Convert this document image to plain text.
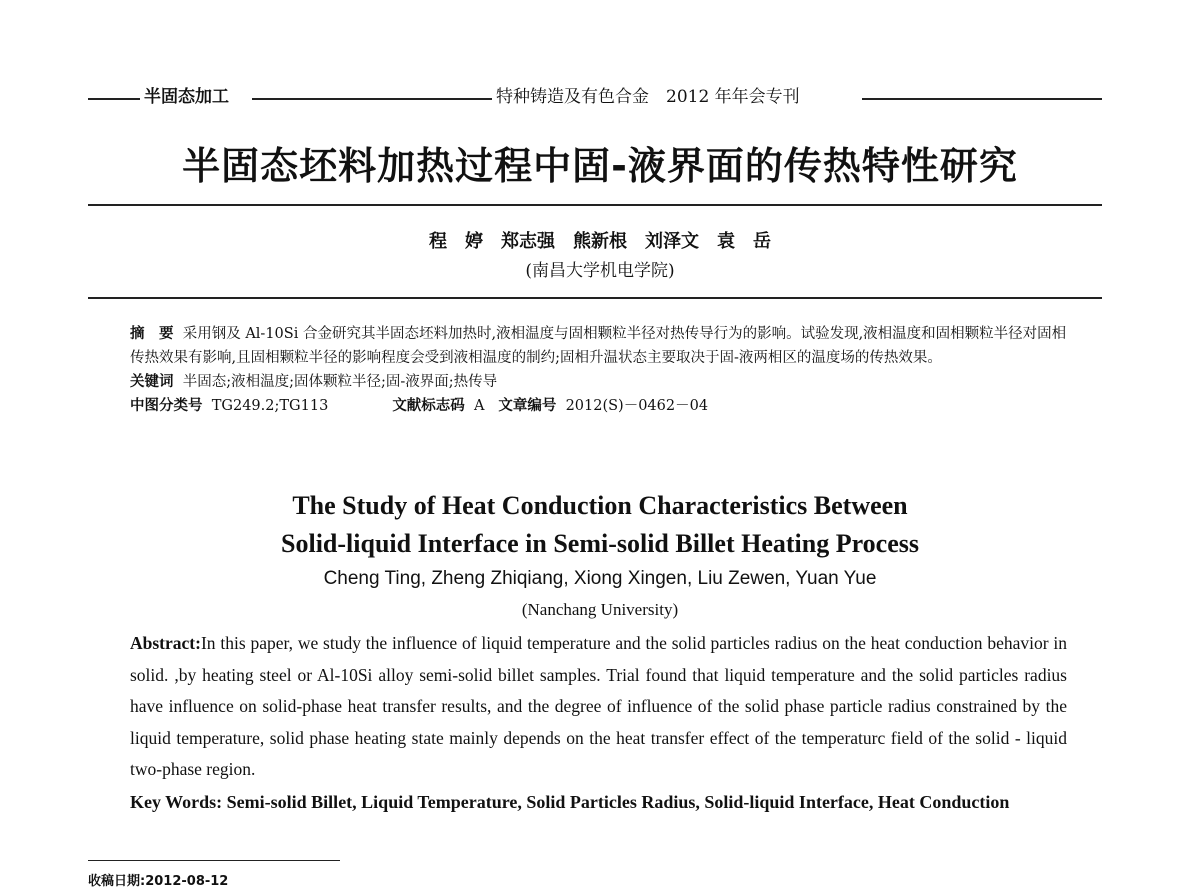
半固态加工	特种铸造及有色合金　2012 年年会专刊
半固态坯料加热过程中固-液界面的传热特性研究
程　婷　郑志强　熊新根　刘泽文　袁　岳
(南昌大学机电学院)

摘　要 采用钢及 Al-10Si 合金研究其半固态坯料加热时,液相温度与固相颗粒半径对热传导行为的影响。试验发现,液相温度和固相颗粒半径对固相传热效果有影响,且固相颗粒半径的影响程度会受到液相温度的制约;固相升温状态主要取决于固-液两相区的温度场的传热效果。

关键词 半固态;液相温度;固体颗粒半径;固-液界面;热传导

中图分类号 TG249.2;TG113	文献标志码 A 文章编号 2012(S)－0462－04

The Study of Heat Conduction Characteristics Between
Solid-liquid Interface in Semi-solid Billet Heating Process
Cheng Ting, Zheng Zhiqiang, Xiong Xingen, Liu Zewen, Yuan Yue
(Nanchang University)

Abstract:In this paper, we study the influence of liquid temperature and the solid particles radius on the heat conduction behavior in solid. ,by heating steel or Al-10Si alloy semi-solid billet samples. Trial found that liquid temperature and the solid particles radius have influence on solid-phase heat transfer results, and the degree of influence of the solid phase particle radius constrained by the liquid temperature, solid phase heating state mainly depends on the heat transfer effect of the temperaturc field of the solid - liquid two-phase region.

Key Words: Semi-solid Billet, Liquid Temperature, Solid Particles Radius, Solid-liquid Interface, Heat Conduction
收稿日期:2012-08-12
